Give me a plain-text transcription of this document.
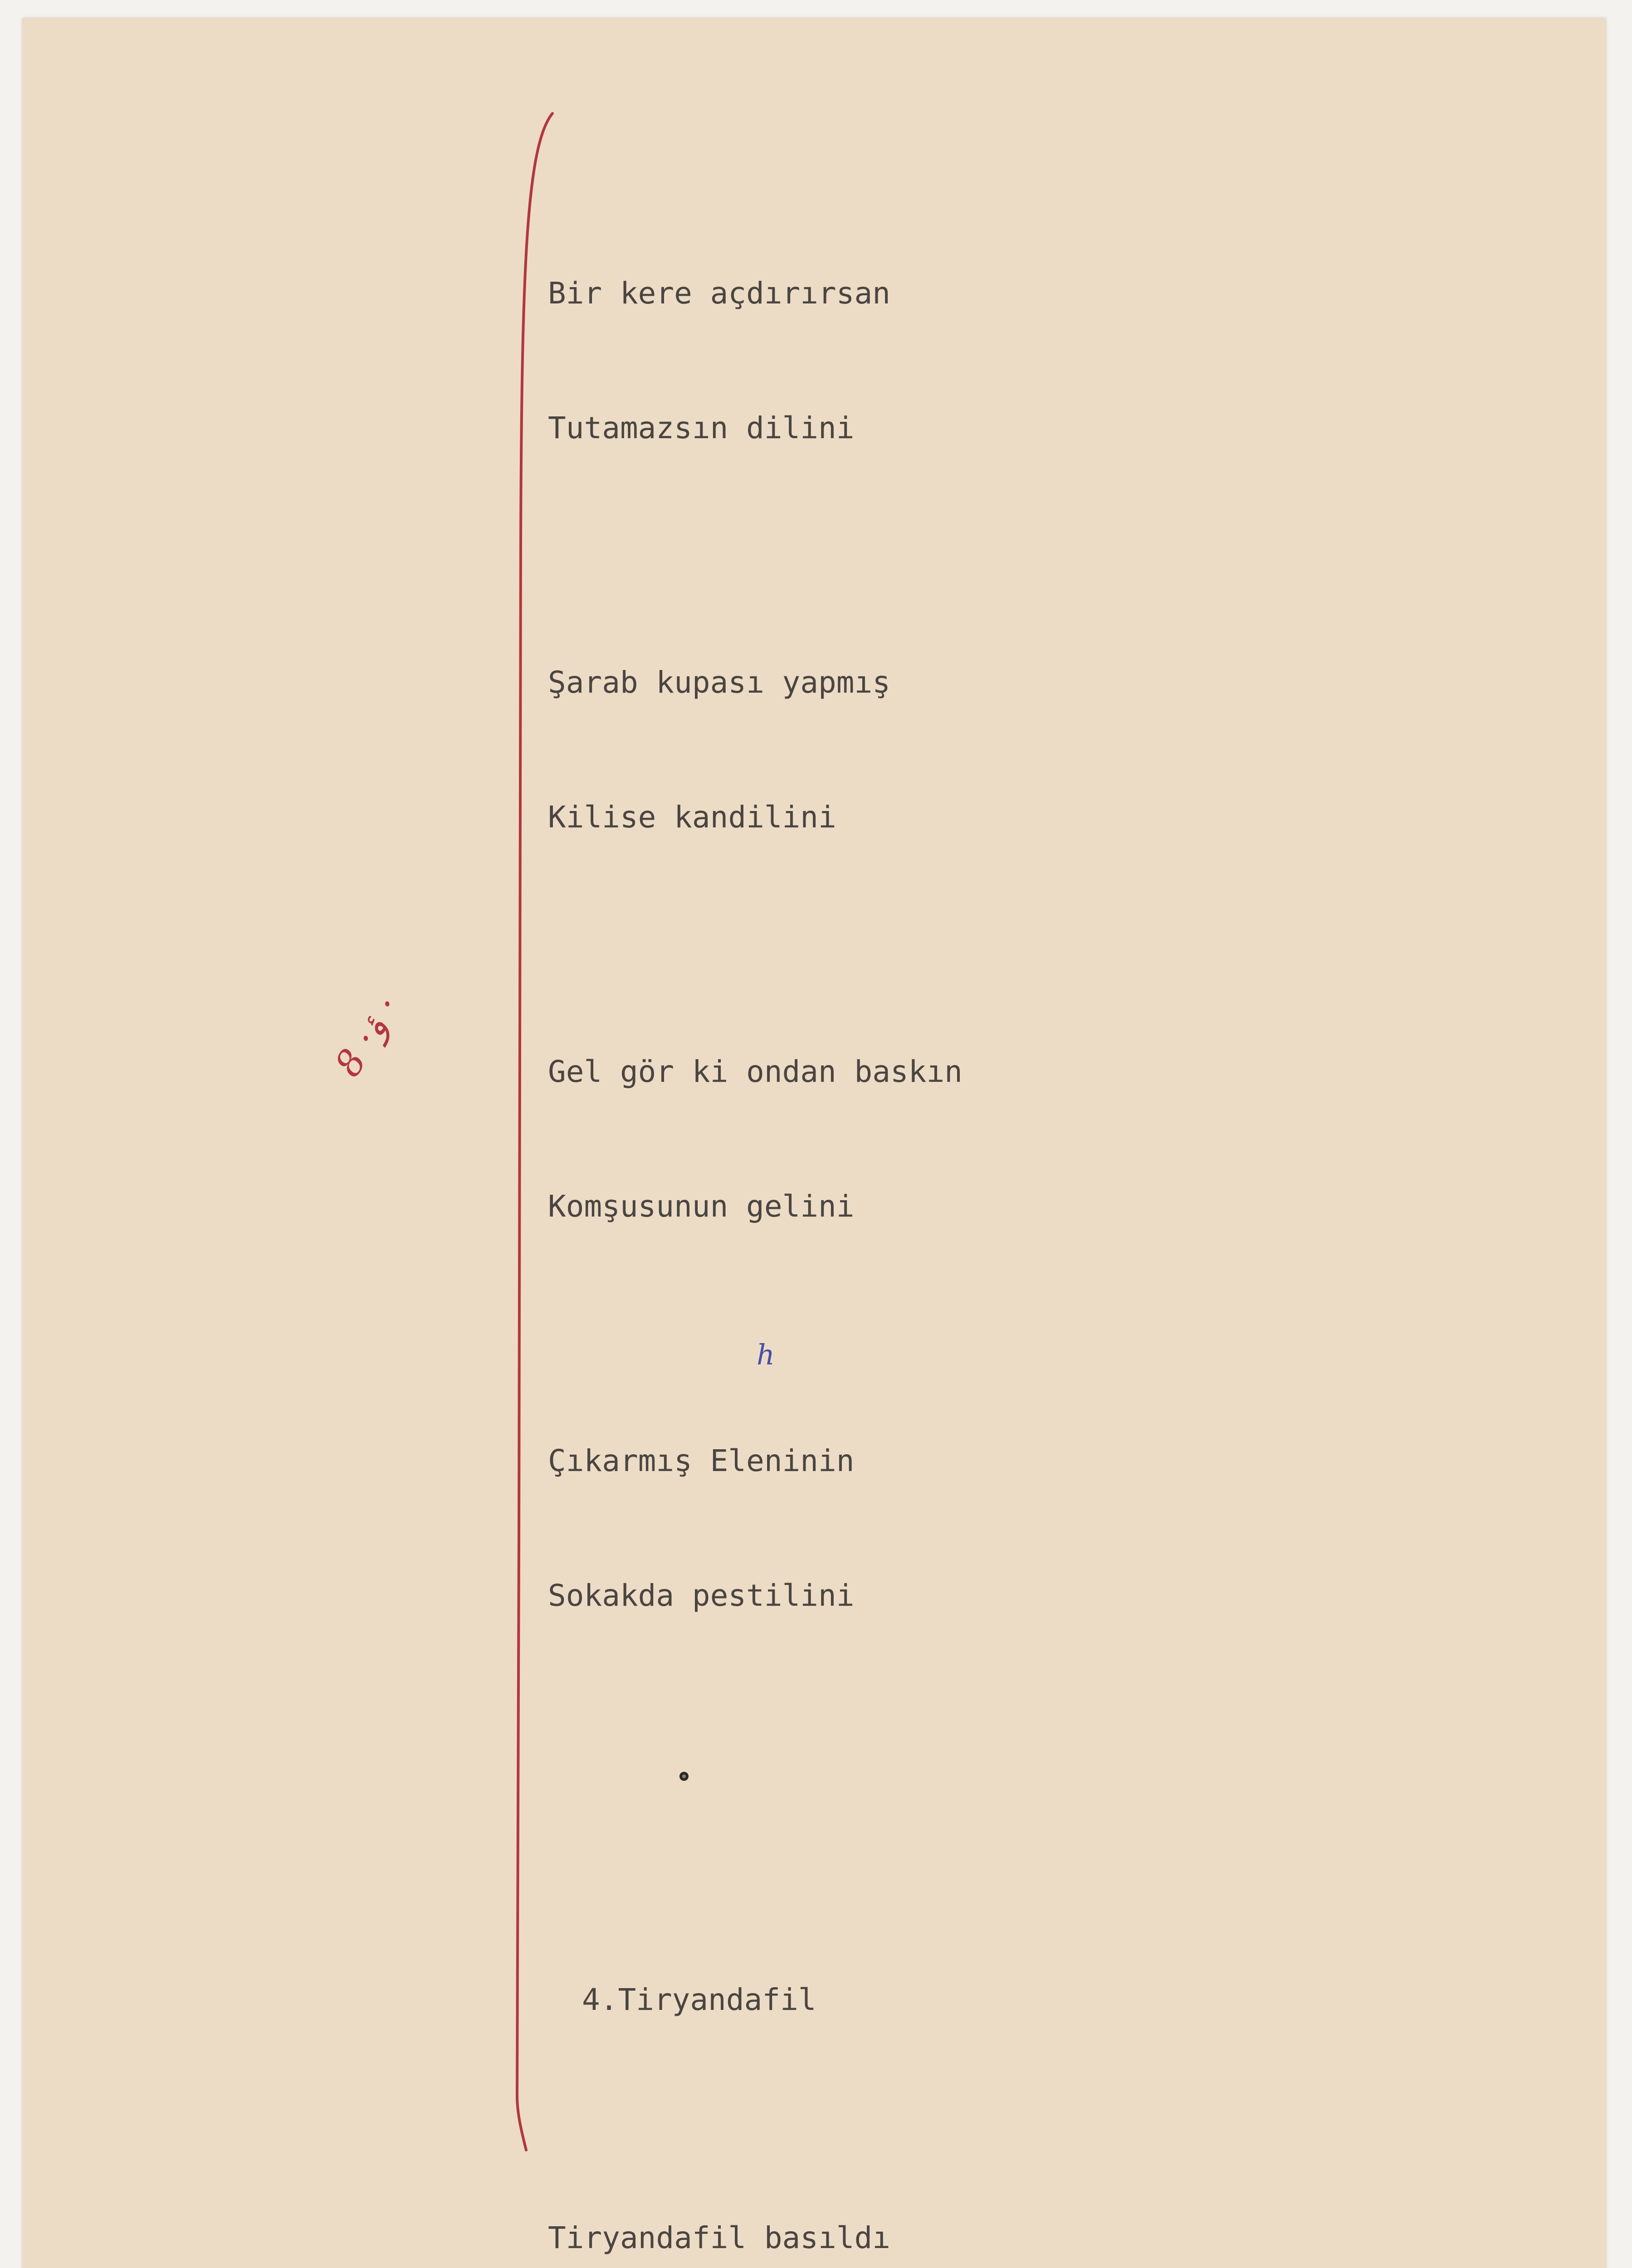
8 ·ؤ ·

Bir kere açdırırsan

Tutamazsın dilini

Şarab kupası yapmış

Kilise kandilini

Gel gör ki ondan baskın

Komşusunun gelini

Çıkarmış Eleninin

Sokakda pestilini

4.Tiryandafil

Tiryandafil basıldı

h
